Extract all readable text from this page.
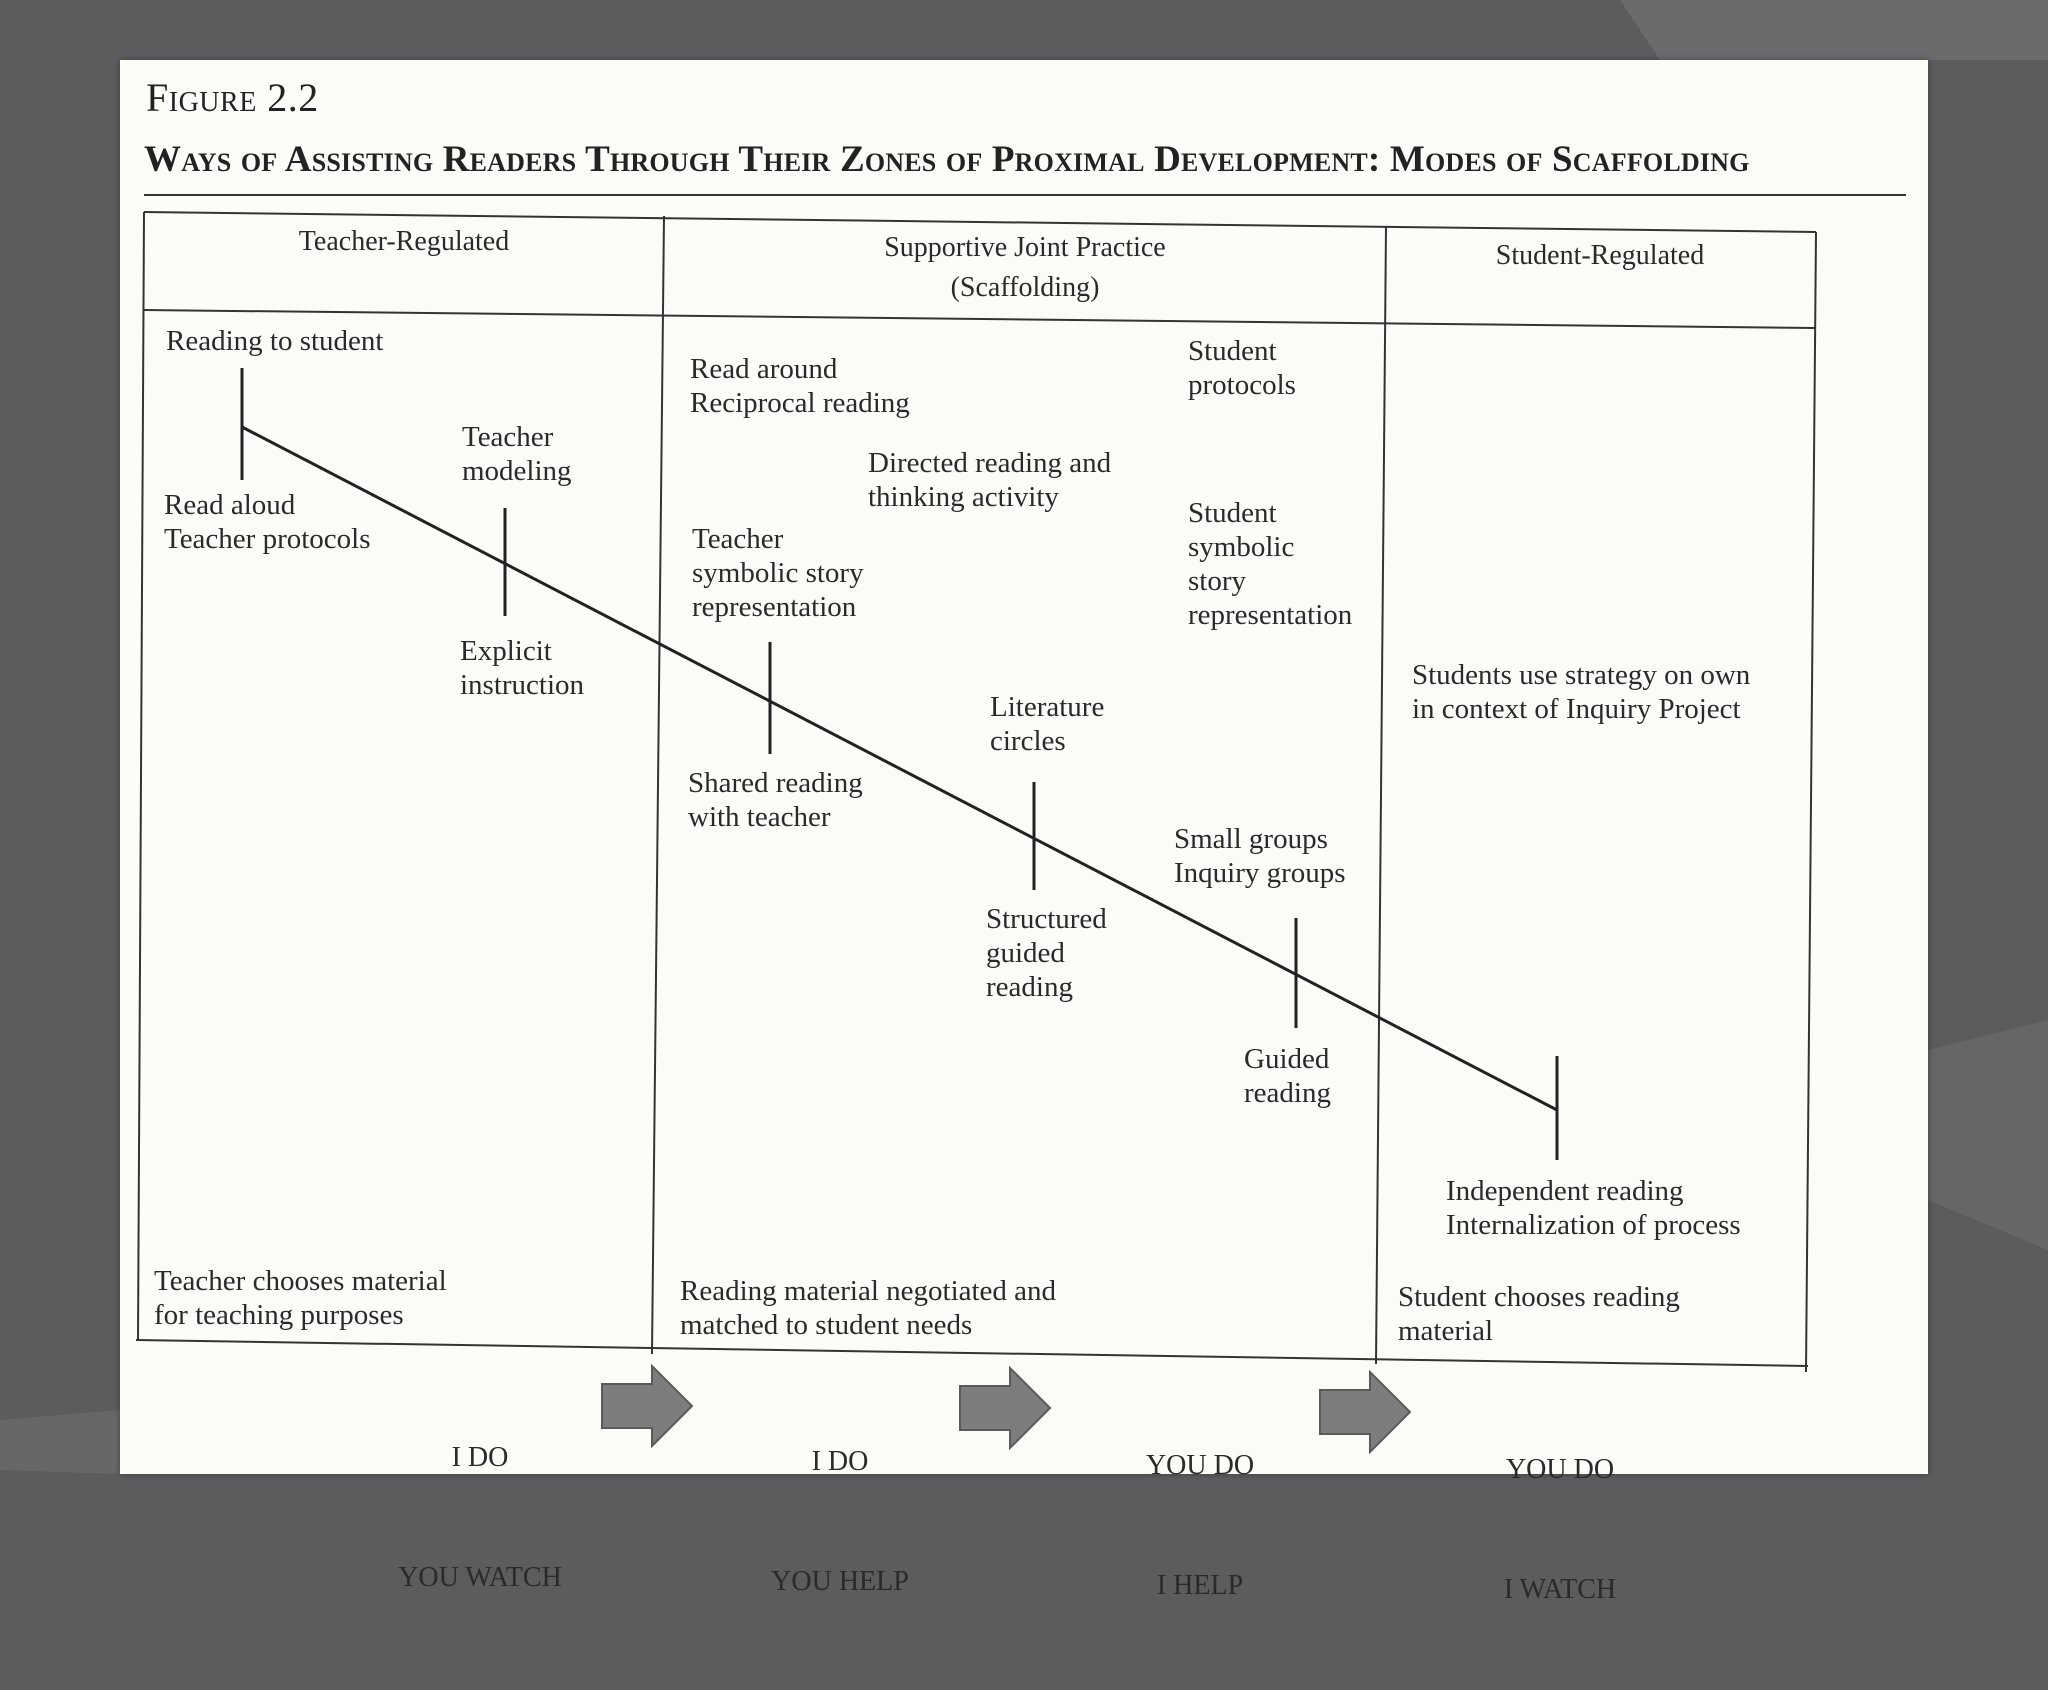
Figure 2.2
Ways of Assisting Readers Through Their Zones of Proximal Development: Modes of Scaffolding
Teacher-Regulated	Supportive Joint Practice
(Scaffolding)
Student-Regulated
Reading to student
Read aloud
Teacher protocols
Teacher
modeling
Explicit
instruction
Read around
Reciprocal reading
Student
protocols
Directed reading and
thinking activity
Teacher
symbolic story
representation
Student
symbolic
story
representation
Shared reading
with teacher
Literature
circles
Small groups
Inquiry groups
Structured
guided
reading
Guided
reading
Students use strategy on own
in context of Inquiry Project
Independent reading
Internalization of process
Teacher chooses material
for teaching purposes
Reading material negotiated and
matched to student needs
Student chooses reading
material

I DO

YOU WATCH

I DO

YOU HELP

YOU DO

I HELP

YOU DO

I WATCH
